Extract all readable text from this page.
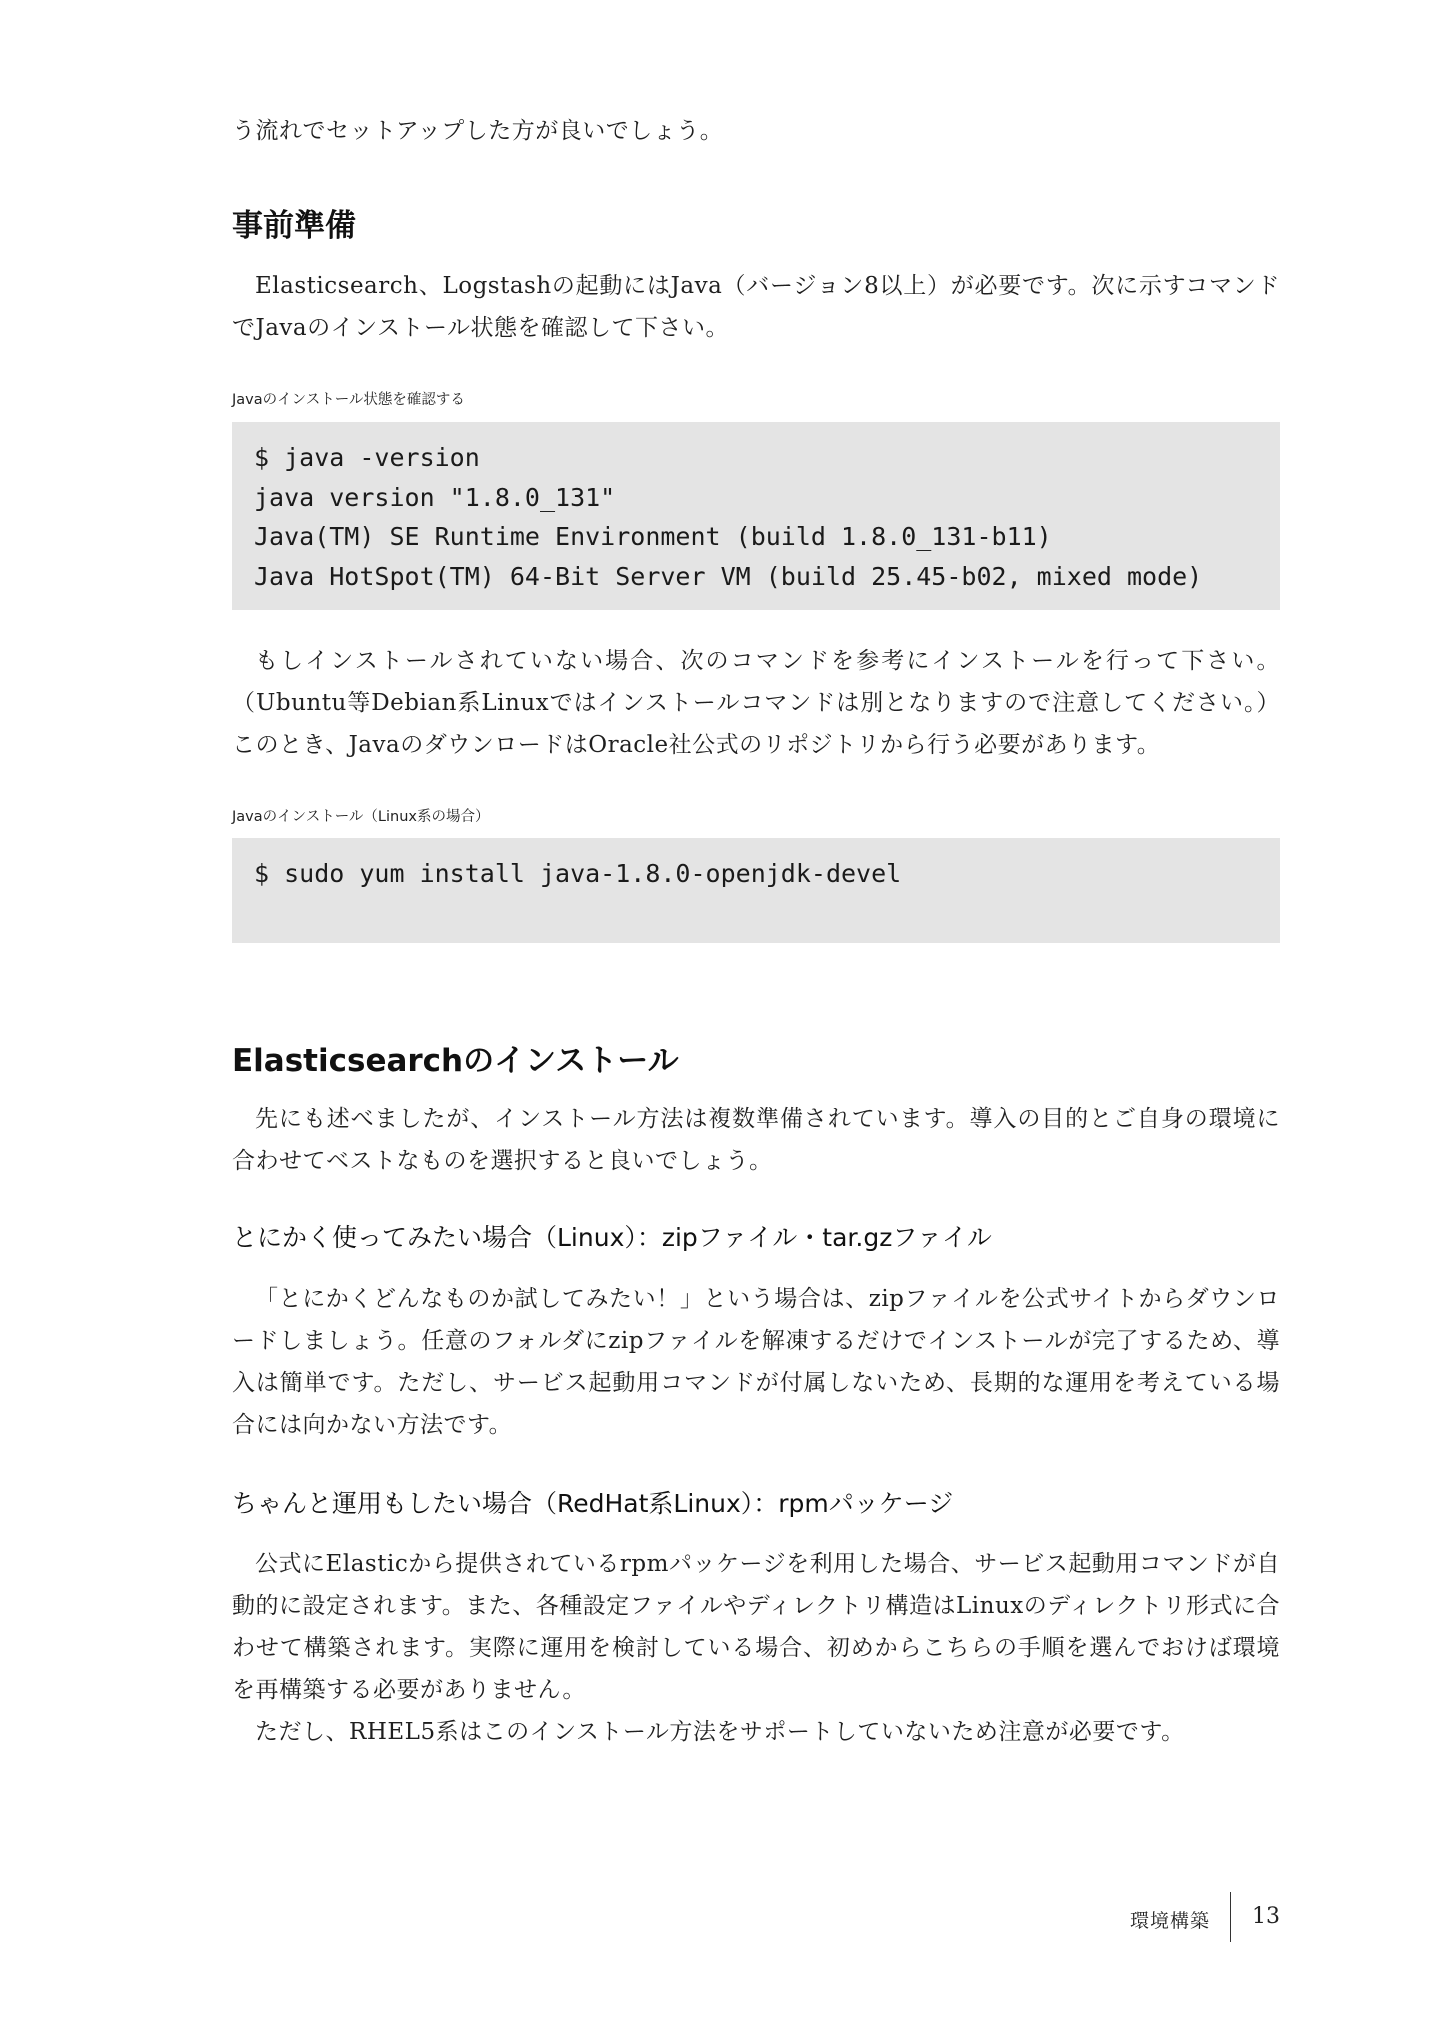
う流れでセットアップした方が良いでしょう。

事前準備

Elasticsearch、Logstashの起動にはJava（バージョン8以上）が必要です。次に示すコマンドでJavaのインストール状態を確認して下さい。

Javaのインストール状態を確認する
$ java -version
java version "1.8.0_131"
Java(TM) SE Runtime Environment (build 1.8.0_131-b11)
Java HotSpot(TM) 64-Bit Server VM (build 25.45-b02, mixed mode)

もしインストールされていない場合、次のコマンドを参考にインストールを行って下さい。（Ubuntu等Debian系Linuxではインストールコマンドは別となりますので注意してください。）このとき、JavaのダウンロードはOracle社公式のリポジトリから行う必要があります。

Javaのインストール（Linux系の場合）
$ sudo yum install java-1.8.0-openjdk-devel
Elasticsearchのインストール

先にも述べましたが、インストール方法は複数準備されています。導入の目的とご自身の環境に合わせてベストなものを選択すると良いでしょう。

とにかく使ってみたい場合（Linux）：zipファイル・tar.gzファイル

「とにかくどんなものか試してみたい！」という場合は、zipファイルを公式サイトからダウンロードしましょう。任意のフォルダにzipファイルを解凍するだけでインストールが完了するため、導入は簡単です。ただし、サービス起動用コマンドが付属しないため、長期的な運用を考えている場合には向かない方法です。

ちゃんと運用もしたい場合（RedHat系Linux）：rpmパッケージ

公式にElasticから提供されているrpmパッケージを利用した場合、サービス起動用コマンドが自動的に設定されます。また、各種設定ファイルやディレクトリ構造はLinuxのディレクトリ形式に合わせて構築されます。実際に運用を検討している場合、初めからこちらの手順を選んでおけば環境を再構築する必要がありません。

ただし、RHEL5系はこのインストール方法をサポートしていないため注意が必要です。

環境構築 13
